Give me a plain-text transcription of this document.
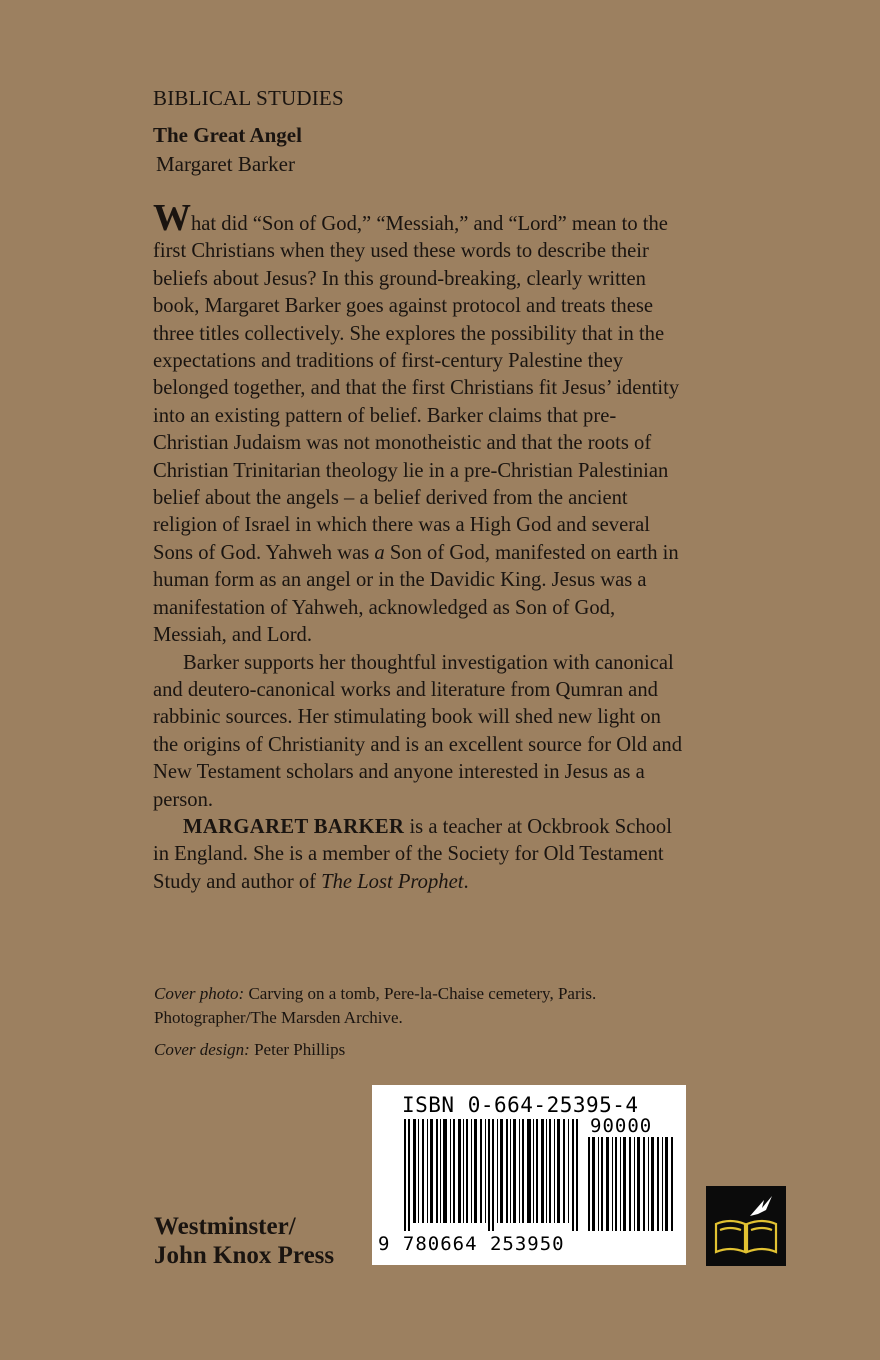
BIBLICAL STUDIES

The Great Angel

Margaret Barker

What did “Son of God,” “Messiah,” and “Lord” mean to the first Christians when they used these words to describe their beliefs about Jesus? In this ground-breaking, clearly written book, Margaret Barker goes against protocol and treats these three titles collectively. She explores the possibility that in the expectations and traditions of first-century Palestine they belonged together, and that the first Christians fit Jesus’ identity into an existing pattern of belief. Barker claims that pre-Christian Judaism was not monotheistic and that the roots of Christian Trinitarian theology lie in a pre-Christian Palestinian belief about the angels – a belief derived from the ancient religion of Israel in which there was a High God and several Sons of God. Yahweh was a Son of God, manifested on earth in human form as an angel or in the Davidic King. Jesus was a manifestation of Yahweh, acknowledged as Son of God, Messiah, and Lord.

Barker supports her thoughtful investigation with canonical and deutero-canonical works and literature from Qumran and rabbinic sources. Her stimulating book will shed new light on the origins of Christianity and is an excellent source for Old and New Testament scholars and anyone interested in Jesus as a person.

MARGARET BARKER is a teacher at Ockbrook School in England. She is a member of the Society for Old Testament Study and author of The Lost Prophet.

Cover photo: Carving on a tomb, Pere-la-Chaise cemetery, Paris. Photographer/The Marsden Archive.

Cover design: Peter Phillips

Westminster/
John Knox Press
ISBN 0-664-25395-4
90000
9 780664 253950
